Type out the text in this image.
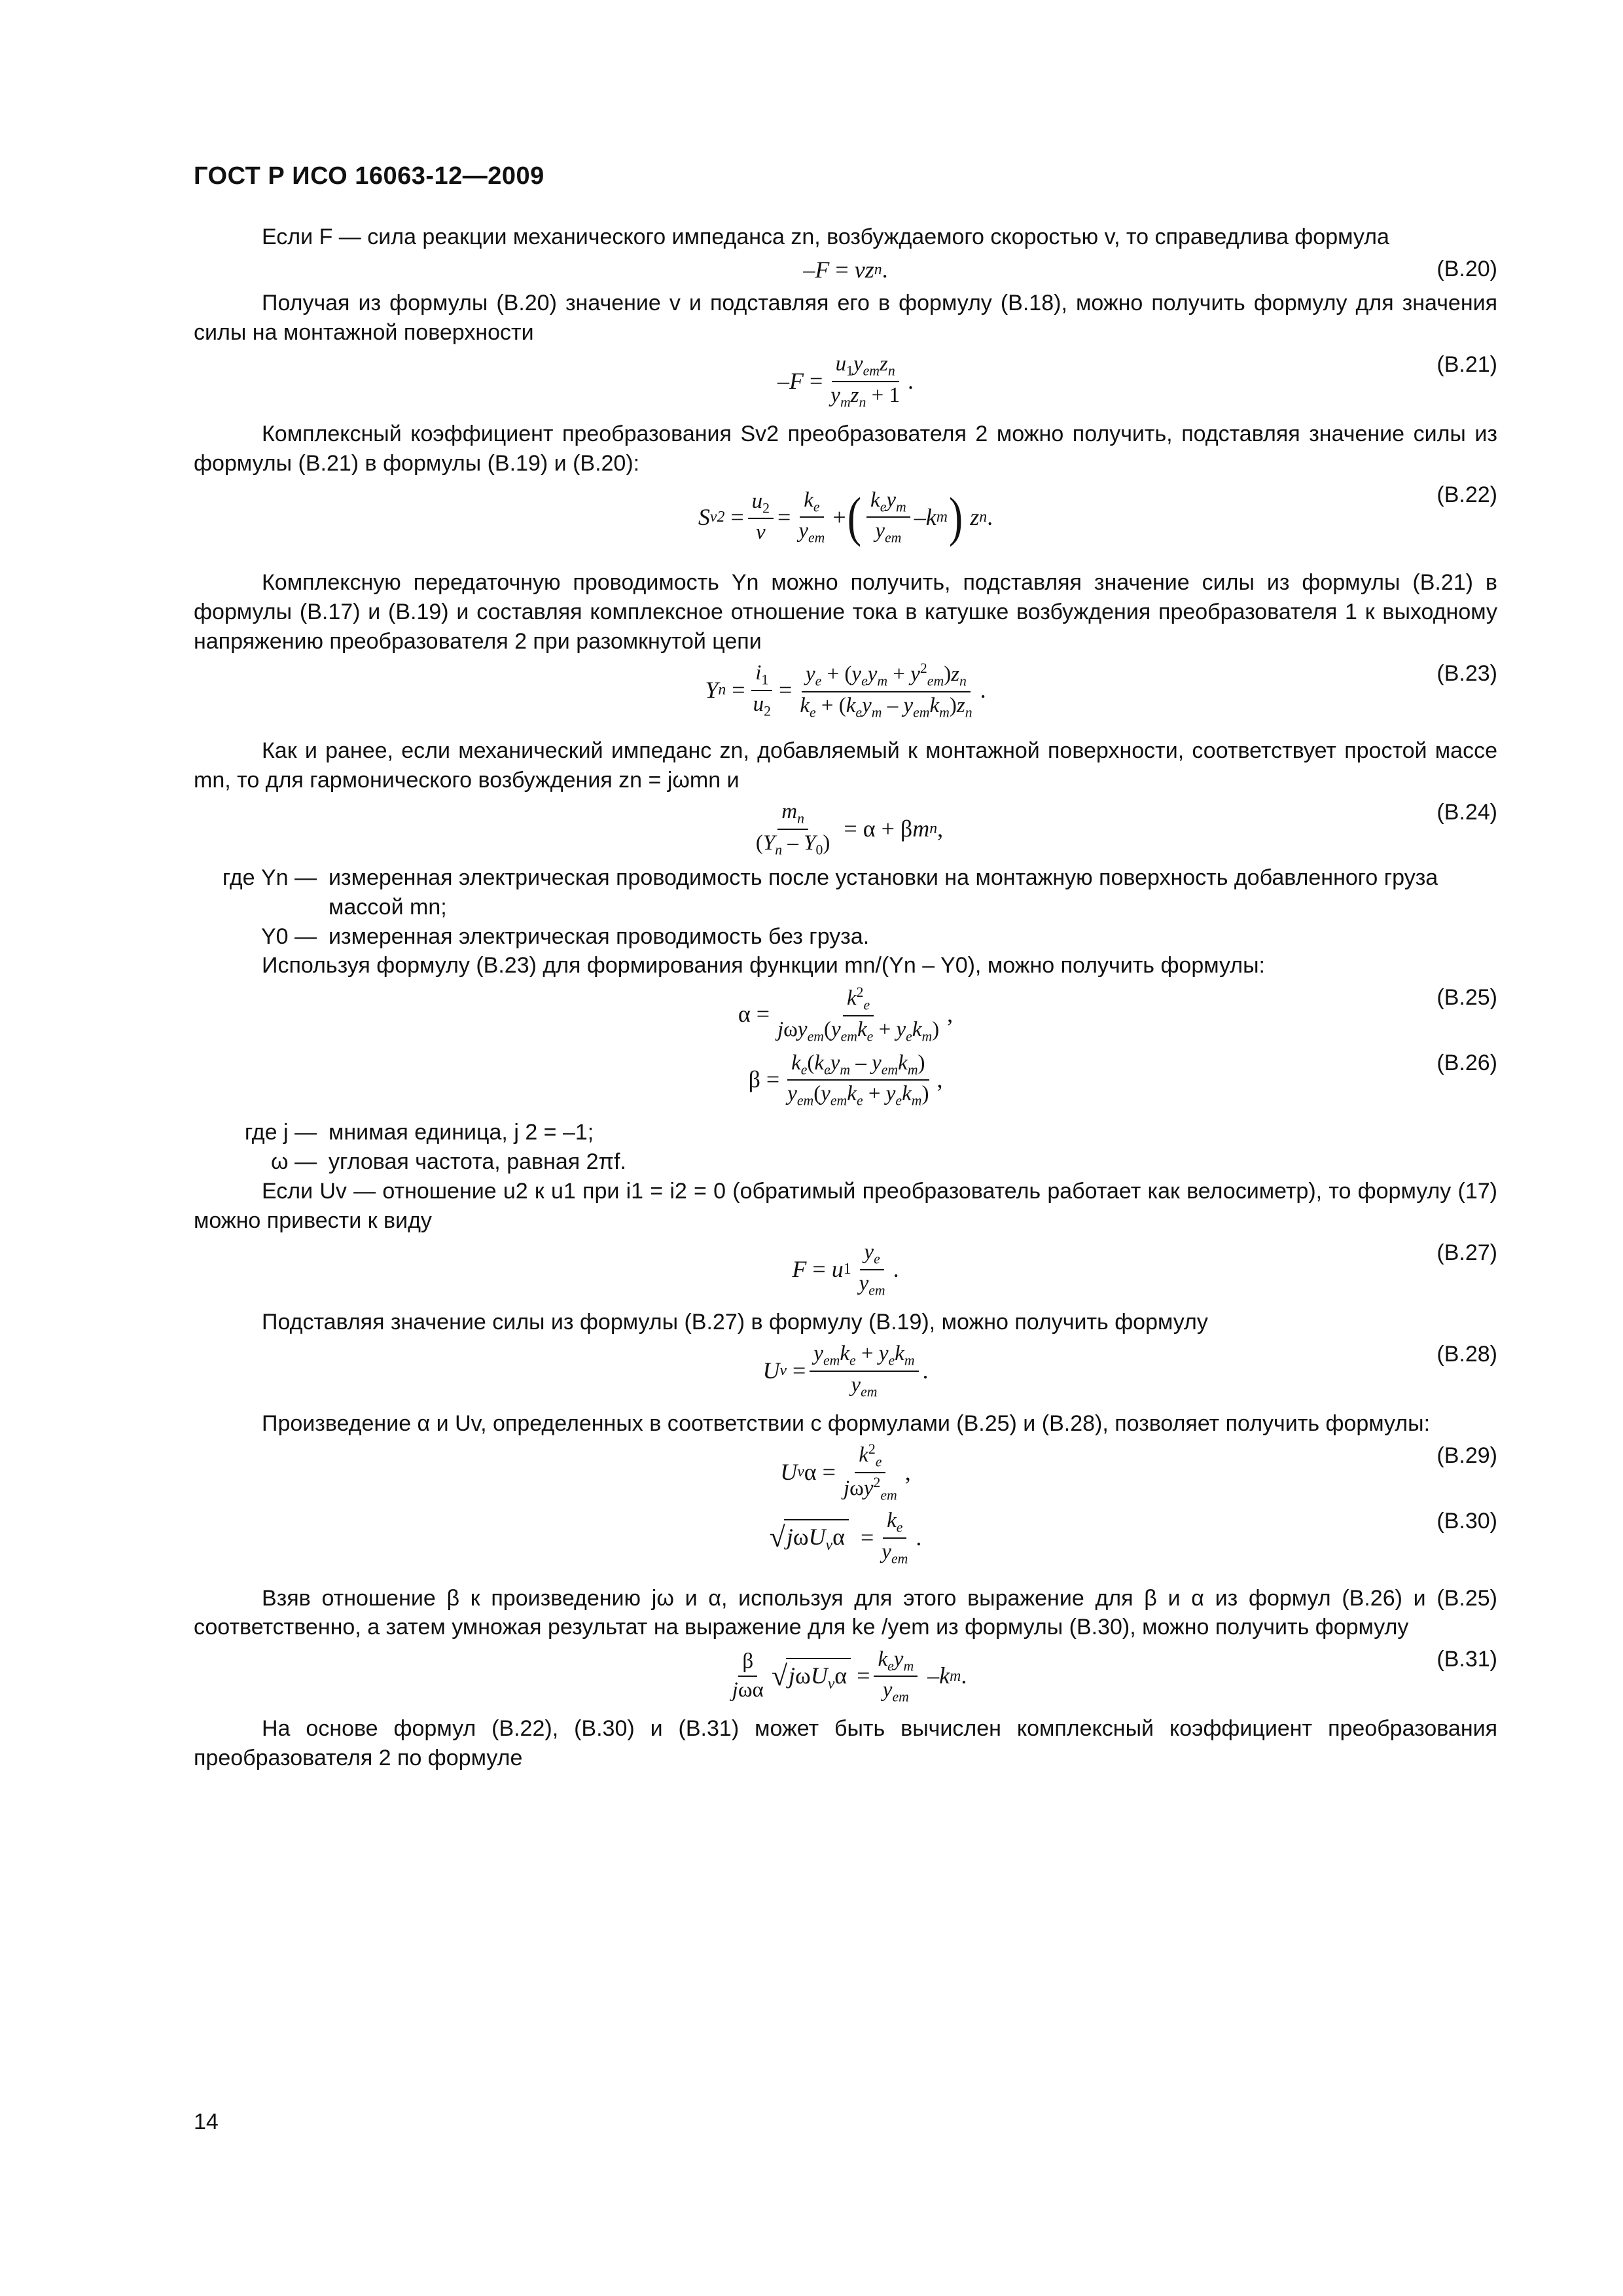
ГОСТ Р ИСО 16063-12—2009

Если F — сила реакции механического импеданса zn, возбуждаемого скоростью v, то справедлива формула

– F = vz n .	(B.20)

Получая из формулы (B.20) значение v и подставляя его в формулу (B.18), можно получить формулу для значения силы на монтажной поверхности

– $F = \frac{u_1y_{em}z_n}{y_mz_n + 1}$ .
(B.21)

Комплексный коэффициент преобразования Sv2 преобразователя 2 можно получить, подставляя значение силы из формулы (B.21) в формулы (B.19) и (B.20):

S $v2 = \frac{u_2}{v} = \frac{k_e}{y_{em}}$ + ( $\frac{k_ey_m}{y_{em}}$ – k m )
z n .
(B.22)

Комплексную передаточную проводимость Yn можно получить, подставляя значение силы из формулы (B.21) в формулы (B.17) и (B.19) и составляя комплексное отношение тока в катушке возбуждения преобразователя 1 к выходному напряжению преобразователя 2 при разомкнутой цепи

Y $n = \frac{i_1}{u_2} = \frac{y_e + (y_ey_m + y^2_{em})z_n}{k_e + (k_ey_m - y_{em}k_m)z_n}$ .
(B.23)

Как и ранее, если механический импеданс zn, добавляемый к монтажной поверхности, соответствует простой массе mn, то для гармонического возбуждения zn = jωmn и

$\frac{m_n}{(Y_n - Y_0)} = \alpha + \beta$ m n ,
(B.24)
где Yn — измеренная электрическая проводимость после установки на монтажную поверхность добавленного груза массой mn;
Y0 — измеренная электрическая проводимость без груза.

Используя формулу (B.23) для формирования функции mn/(Yn – Y0), можно получить формулы:

$\alpha = \frac{k^2_e}{j\omega y_{em}(y_{em}k_e + y_ek_m)}$ ,
(B.25)
$\beta = \frac{k_e(k_ey_m - y_{em}k_m)}{y_{em}(y_{em}k_e + y_ek_m)}$ ,
(B.26)
где j — мнимая единица, j 2 = –1;
ω — угловая частота, равная 2πf.

Если Uv — отношение u2 к u1 при i1 = i2 = 0 (обратимый преобразователь работает как велосиметр), то формулу (17) можно привести к виду

F = u $1 \frac{y_e}{y_{em}}$ .
(B.27)

Подставляя значение силы из формулы (B.27) в формулу (B.19), можно получить формулу

U $v = \frac{y_{em}k_e + y_ek_m}{y_{em}}$ .
(B.28)

Произведение α и Uv, определенных в соответствии с формулами (B.25) и (B.28), позволяет получить формулы:

U v $\alpha = \frac{k^2_e}{j\omega y^2_{em}}$ ,
(B.29)
√ $j\omega U_v\alpha = \frac{k_e}{y_{em}}$ .
(B.30)

Взяв отношение β к произведению jω и α, используя для этого выражение для β и α из формул (B.26) и (B.25) соответственно, а затем умножая результат на выражение для ke /yem из формулы (B.30), можно получить формулу

$\frac{\beta}{\text{jωα}}$ √ $j\omega U_v\alpha = \frac{k_ey_m}{y_{em}} - k$ m .
(B.31)

На основе формул (B.22), (B.30) и (B.31) может быть вычислен комплексный коэффициент преобразования преобразователя 2 по формуле

14
